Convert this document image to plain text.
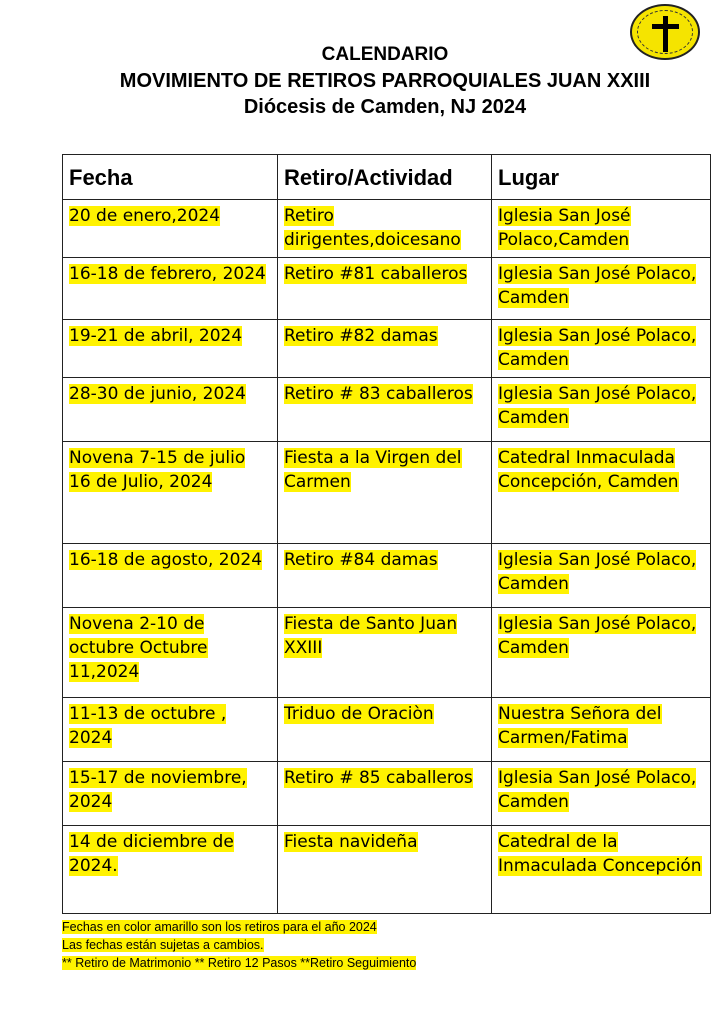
CALENDARIO
MOVIMIENTO DE RETIROS PARROQUIALES JUAN XXIII
Diócesis de Camden, NJ 2024
Fecha	Retiro/Actividad	Lugar
20 de enero,2024	Retiro dirigentes,doicesano	Iglesia San José Polaco,Camden
16-18 de febrero, 2024	Retiro #81 caballeros	Iglesia San José Polaco, Camden
19-21 de abril, 2024	Retiro #82 damas	Iglesia San José Polaco, Camden
28-30 de junio, 2024	Retiro # 83 caballeros	Iglesia San José Polaco, Camden
Novena 7-15 de julio 16 de Julio, 2024	Fiesta a la Virgen del Carmen	Catedral Inmaculada Concepción, Camden
16-18 de agosto, 2024	Retiro #84 damas	Iglesia San José Polaco, Camden
Novena 2-10 de octubre Octubre 11,2024	Fiesta de Santo Juan XXIII	Iglesia San José Polaco, Camden
11-13 de octubre , 2024	Triduo de Oraciòn	Nuestra Señora del Carmen/Fatima
15-17 de noviembre, 2024	Retiro # 85 caballeros	Iglesia San José Polaco, Camden
14 de diciembre de 2024.	Fiesta navideña	Catedral de la Inmaculada Concepción
Fechas en color amarillo son los retiros para el año 2024
Las fechas están sujetas a cambios.
** Retiro de Matrimonio ** Retiro 12 Pasos **Retiro Seguimiento
